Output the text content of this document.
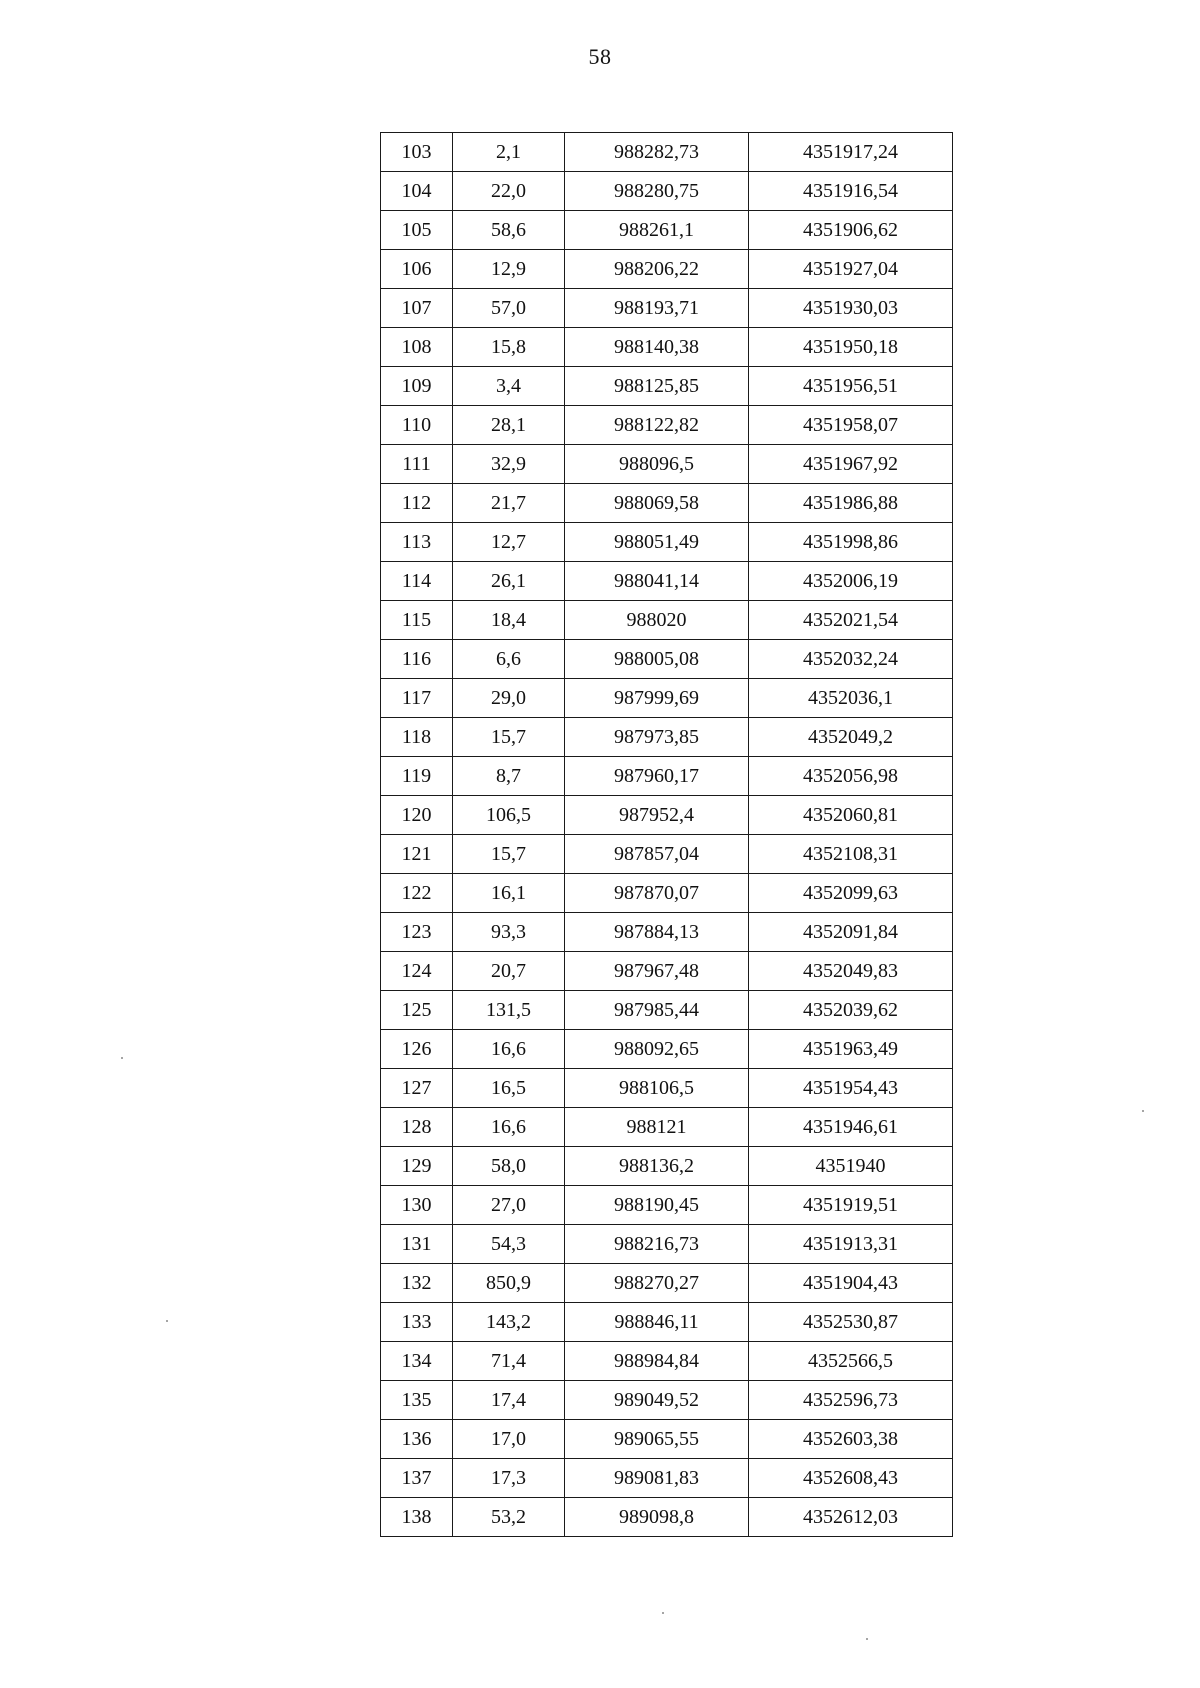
58
103	2,1	988282,73	4351917,24
104	22,0	988280,75	4351916,54
105	58,6	988261,1	4351906,62
106	12,9	988206,22	4351927,04
107	57,0	988193,71	4351930,03
108	15,8	988140,38	4351950,18
109	3,4	988125,85	4351956,51
110	28,1	988122,82	4351958,07
111	32,9	988096,5	4351967,92
112	21,7	988069,58	4351986,88
113	12,7	988051,49	4351998,86
114	26,1	988041,14	4352006,19
115	18,4	988020	4352021,54
116	6,6	988005,08	4352032,24
117	29,0	987999,69	4352036,1
118	15,7	987973,85	4352049,2
119	8,7	987960,17	4352056,98
120	106,5	987952,4	4352060,81
121	15,7	987857,04	4352108,31
122	16,1	987870,07	4352099,63
123	93,3	987884,13	4352091,84
124	20,7	987967,48	4352049,83
125	131,5	987985,44	4352039,62
126	16,6	988092,65	4351963,49
127	16,5	988106,5	4351954,43
128	16,6	988121	4351946,61
129	58,0	988136,2	4351940
130	27,0	988190,45	4351919,51
131	54,3	988216,73	4351913,31
132	850,9	988270,27	4351904,43
133	143,2	988846,11	4352530,87
134	71,4	988984,84	4352566,5
135	17,4	989049,52	4352596,73
136	17,0	989065,55	4352603,38
137	17,3	989081,83	4352608,43
138	53,2	989098,8	4352612,03
